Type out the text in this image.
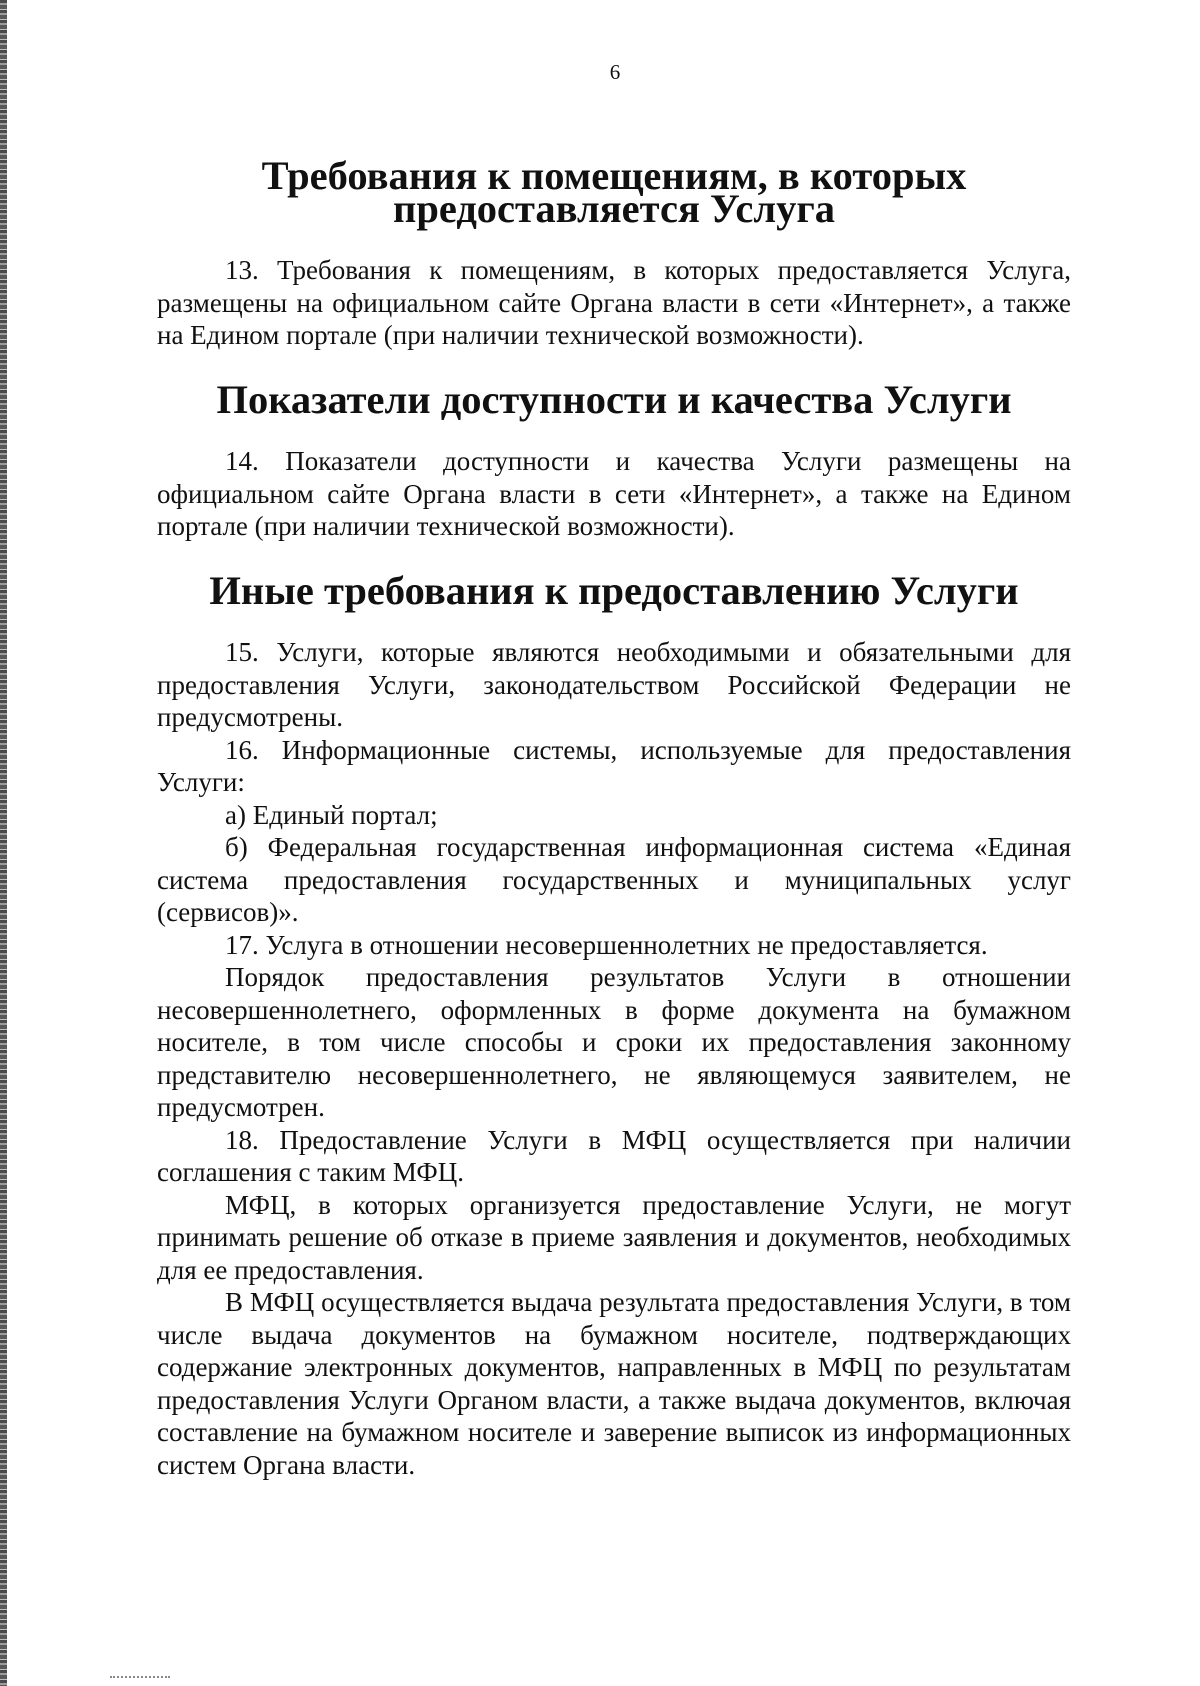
6
Требования к помещениям, в которых предоставляется Услуга

13. Требования к помещениям, в которых предоставляется Услуга, размещены на официальном сайте Органа власти в сети «Интернет», а также на Едином портале (при наличии технической возможности).

Показатели доступности и качества Услуги

14. Показатели доступности и качества Услуги размещены на официальном сайте Органа власти в сети «Интернет», а также на Едином портале (при наличии технической возможности).

Иные требования к предоставлению Услуги

15. Услуги, которые являются необходимыми и обязательными для предоставления Услуги, законодательством Российской Федерации не предусмотрены.

16. Информационные системы, используемые для предоставления Услуги:

а) Единый портал;

б) Федеральная государственная информационная система «Единая система предоставления государственных и муниципальных услуг (сервисов)».

17. Услуга в отношении несовершеннолетних не предоставляется.

Порядок предоставления результатов Услуги в отношении несовершеннолетнего, оформленных в форме документа на бумажном носителе, в том числе способы и сроки их предоставления законному представителю несовершеннолетнего, не являющемуся заявителем, не предусмотрен.

18. Предоставление Услуги в МФЦ осуществляется при наличии соглашения с таким МФЦ.

МФЦ, в которых организуется предоставление Услуги, не могут принимать решение об отказе в приеме заявления и документов, необходимых для ее предоставления.

В МФЦ осуществляется выдача результата предоставления Услуги, в том числе выдача документов на бумажном носителе, подтверждающих содержание электронных документов, направленных в МФЦ по результатам предоставления Услуги Органом власти, а также выдача документов, включая составление на бумажном носителе и заверение выписок из информационных систем Органа власти.
